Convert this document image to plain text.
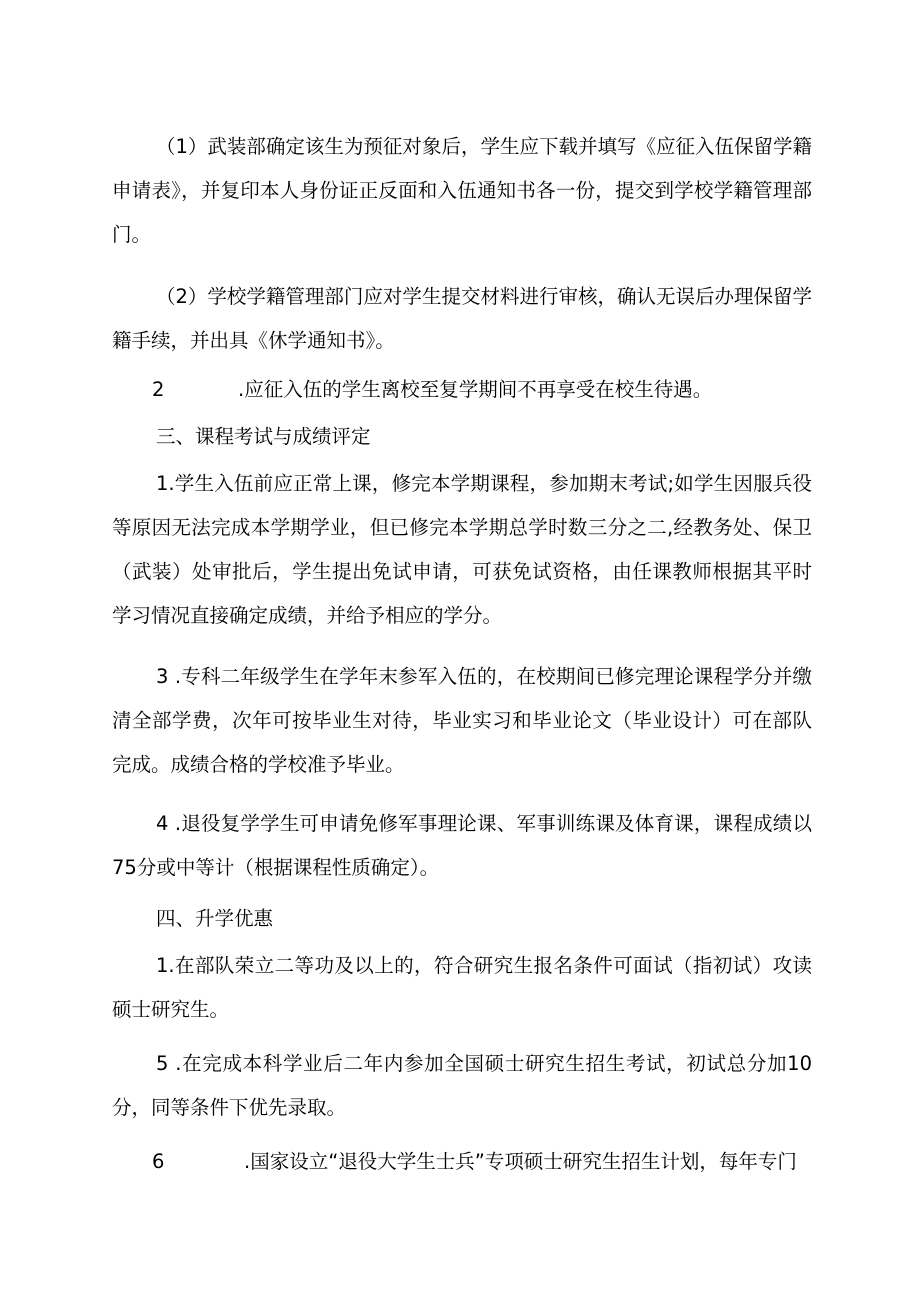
（1）武装部确定该生为预征对象后，学生应下载并填写《应征入伍保留学籍申请表》，并复印本人身份证正反面和入伍通知书各一份，提交到学校学籍管理部门。
（2）学校学籍管理部门应对学生提交材料进行审核，确认无误后办理保留学籍手续，并出具《休学通知书》。
2	.应征入伍的学生离校至复学期间不再享受在校生待遇。
三、课程考试与成绩评定
1.学生入伍前应正常上课，修完本学期课程，参加期末考试;如学生因服兵役等原因无法完成本学期学业，但已修完本学期总学时数三分之二,经教务处、保卫（武装）处审批后，学生提出免试申请，可获免试资格，由任课教师根据其平时学习情况直接确定成绩，并给予相应的学分。
3 .专科二年级学生在学年末参军入伍的，在校期间已修完理论课程学分并缴清全部学费，次年可按毕业生对待，毕业实习和毕业论文（毕业设计）可在部队完成。成绩合格的学校准予毕业。
4 .退役复学学生可申请免修军事理论课、军事训练课及体育课，课程成绩以75分或中等计（根据课程性质确定）。
四、升学优惠
1.在部队荣立二等功及以上的，符合研究生报名条件可面试（指初试）攻读硕士研究生。
5 .在完成本科学业后二年内参加全国硕士研究生招生考试，初试总分加10分，同等条件下优先录取。
6	.国家设立“退役大学生士兵”专项硕士研究生招生计划，每年专门
